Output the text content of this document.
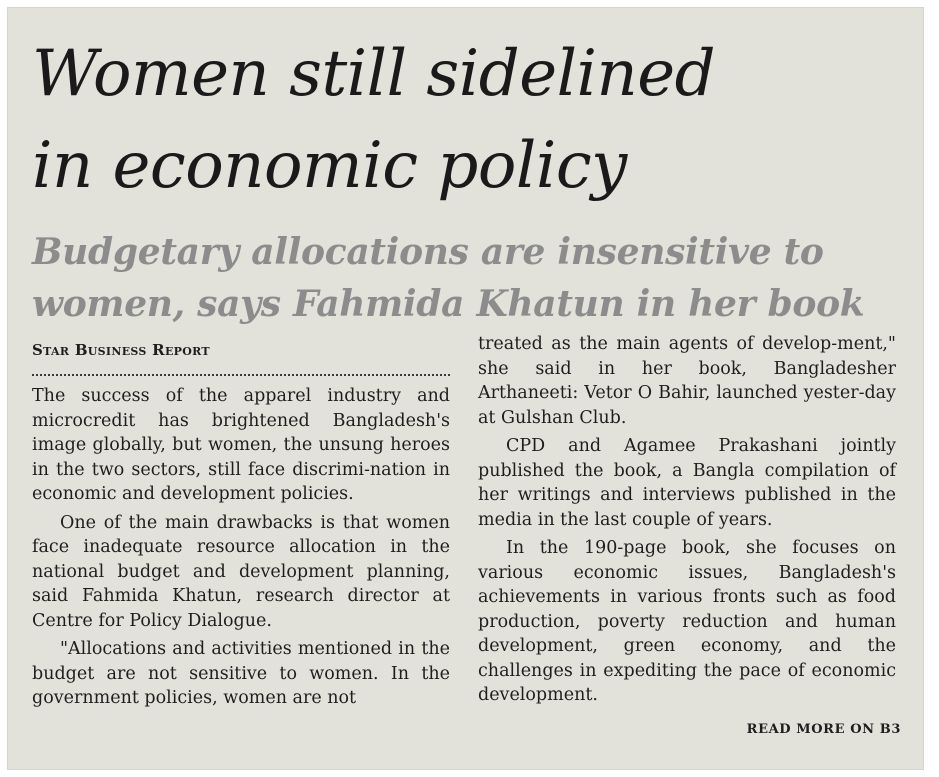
Women still sidelined
in economic policy
Budgetary allocations are insensitive to
women, says Fahmida Khatun in her book
Star Business Report

The success of the apparel industry and microcredit has brightened Bangladesh's image globally, but women, the unsung heroes in the two sectors, still face discrimi-nation in economic and development policies.

One of the main drawbacks is that women face inadequate resource allocation in the national budget and development planning, said Fahmida Khatun, research director at Centre for Policy Dialogue.

"Allocations and activities mentioned in the budget are not sensitive to women. In the government policies, women are not

treated as the main agents of develop-ment," she said in her book, Bangladesher Arthaneeti: Vetor O Bahir, launched yester-day at Gulshan Club.

CPD and Agamee Prakashani jointly published the book, a Bangla compilation of her writings and interviews published in the media in the last couple of years.

In the 190-page book, she focuses on various economic issues, Bangladesh's achievements in various fronts such as food production, poverty reduction and human development, green economy, and the challenges in expediting the pace of economic development.

READ MORE ON B3
